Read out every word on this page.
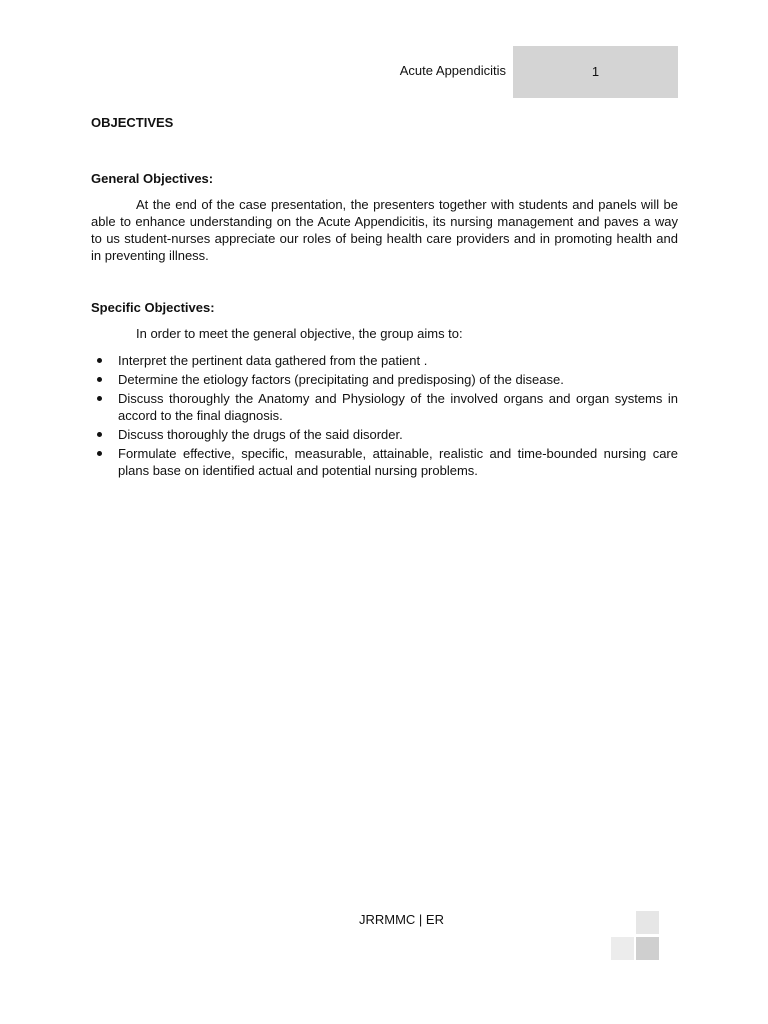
Acute Appendicitis	1

OBJECTIVES

General Objectives:

At the end of the case presentation, the presenters together with students and panels will be able to enhance understanding on the Acute Appendicitis, its nursing management and paves a way to us student-nurses appreciate our roles of being health care providers and in promoting health and in preventing illness.

Specific Objectives:

In order to meet the general objective, the group aims to:

Interpret the pertinent data gathered from the patient .
Determine the etiology factors (precipitating and predisposing) of the disease.
Discuss thoroughly the Anatomy and Physiology of the involved organs and organ systems in accord to the final diagnosis.
Discuss thoroughly the drugs of the said disorder.
Formulate effective, specific, measurable, attainable, realistic and time-bounded nursing care plans base on identified actual and potential nursing problems.
JRRMMC | ER
